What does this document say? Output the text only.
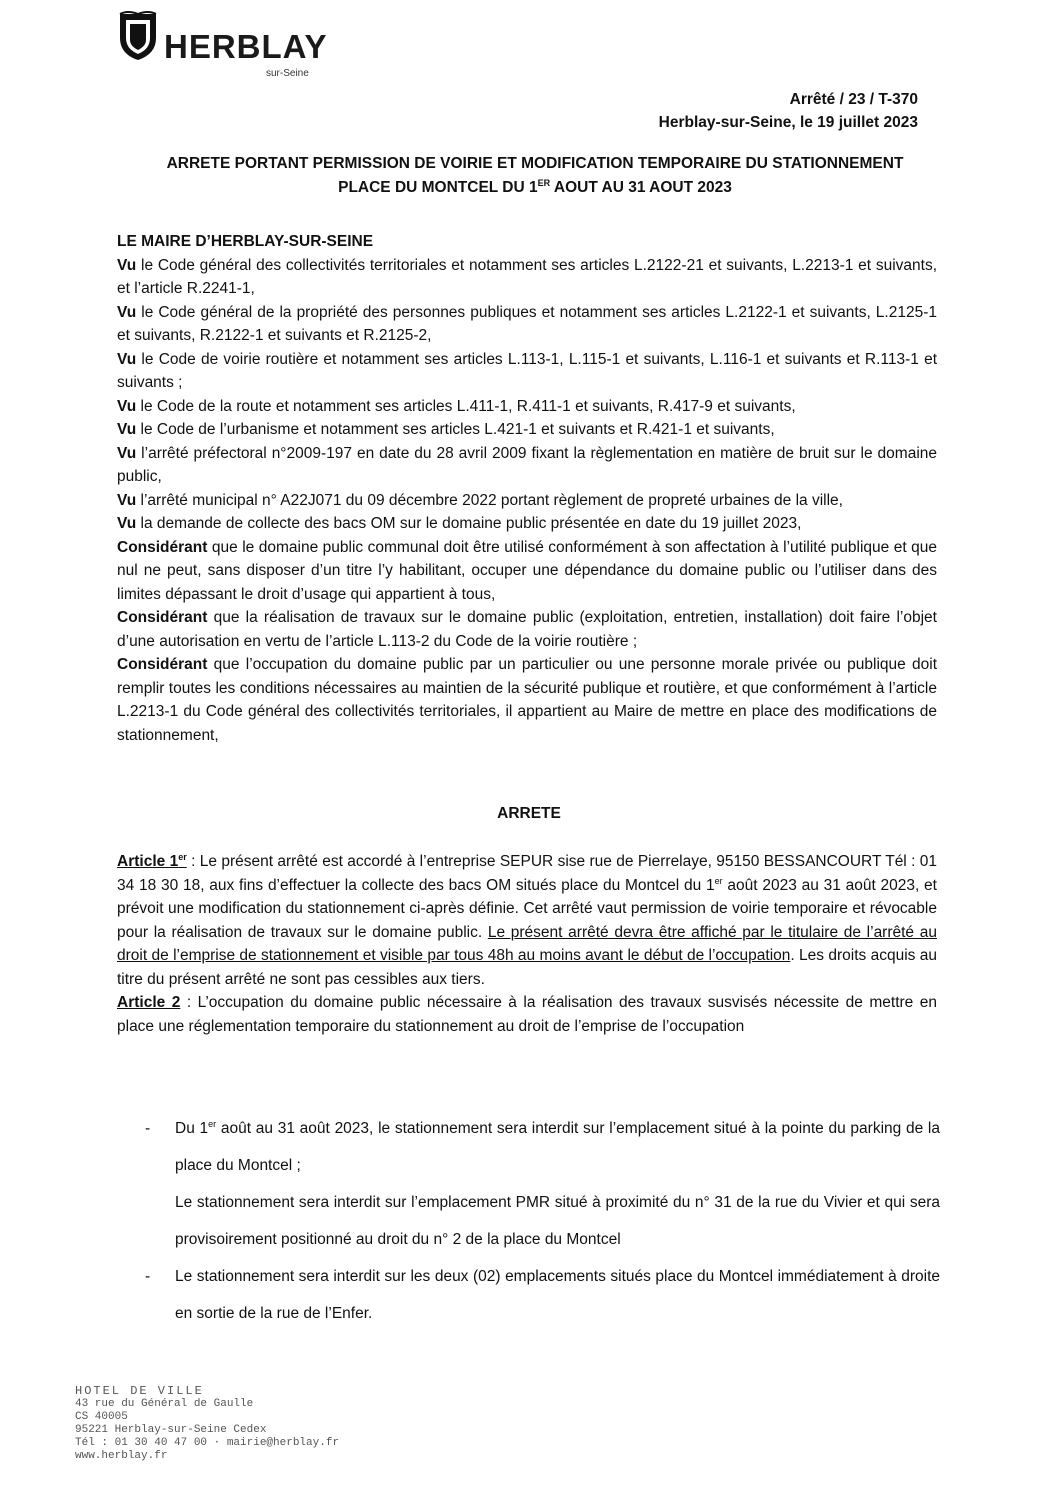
HERBLAY
sur-Seine
Arrêté / 23 / T-370
Herblay-sur-Seine, le 19 juillet 2023
ARRETE PORTANT PERMISSION DE VOIRIE ET MODIFICATION TEMPORAIRE DU STATIONNEMENT
PLACE DU MONTCEL DU 1ER AOUT AU 31 AOUT 2023

LE MAIRE D’HERBLAY-SUR-SEINE

Vu le Code général des collectivités territoriales et notamment ses articles L.2122-21 et suivants, L.2213-1 et suivants, et l’article R.2241-1,

Vu le Code général de la propriété des personnes publiques et notamment ses articles L.2122-1 et suivants, L.2125-1 et suivants, R.2122-1 et suivants et R.2125-2,

Vu le Code de voirie routière et notamment ses articles L.113-1, L.115-1 et suivants, L.116-1 et suivants et R.113-1 et suivants ;

Vu le Code de la route et notamment ses articles L.411-1, R.411-1 et suivants, R.417-9 et suivants,

Vu le Code de l’urbanisme et notamment ses articles L.421-1 et suivants et R.421-1 et suivants,

Vu l’arrêté préfectoral n°2009-197 en date du 28 avril 2009 fixant la règlementation en matière de bruit sur le domaine public,

Vu l’arrêté municipal n° A22J071 du 09 décembre 2022 portant règlement de propreté urbaines de la ville,

Vu la demande de collecte des bacs OM sur le domaine public présentée en date du 19 juillet 2023,

Considérant que le domaine public communal doit être utilisé conformément à son affectation à l’utilité publique et que nul ne peut, sans disposer d’un titre l’y habilitant, occuper une dépendance du domaine public ou l’utiliser dans des limites dépassant le droit d’usage qui appartient à tous,

Considérant que la réalisation de travaux sur le domaine public (exploitation, entretien, installation) doit faire l’objet d’une autorisation en vertu de l’article L.113-2 du Code de la voirie routière ;

Considérant que l’occupation du domaine public par un particulier ou une personne morale privée ou publique doit remplir toutes les conditions nécessaires au maintien de la sécurité publique et routière, et que conformément à l’article L.2213-1 du Code général des collectivités territoriales, il appartient au Maire de mettre en place des modifications de stationnement,

ARRETE

Article 1er : Le présent arrêté est accordé à l’entreprise SEPUR sise rue de Pierrelaye, 95150 BESSANCOURT Tél : 01 34 18 30 18, aux fins d’effectuer la collecte des bacs OM situés place du Montcel du 1er août 2023 au 31 août 2023, et prévoit une modification du stationnement ci-après définie. Cet arrêté vaut permission de voirie temporaire et révocable pour la réalisation de travaux sur le domaine public. Le présent arrêté devra être affiché par le titulaire de l’arrêté au droit de l’emprise de stationnement et visible par tous 48h au moins avant le début de l’occupation. Les droits acquis au titre du présent arrêté ne sont pas cessibles aux tiers.

Article 2 : L’occupation du domaine public nécessaire à la réalisation des travaux susvisés nécessite de mettre en place une réglementation temporaire du stationnement au droit de l’emprise de l’occupation

- Du 1er août au 31 août 2023, le stationnement sera interdit sur l’emplacement situé à la pointe du parking de la place du Montcel ;
Le stationnement sera interdit sur l’emplacement PMR situé à proximité du n° 31 de la rue du Vivier et qui sera provisoirement positionné au droit du n° 2 de la place du Montcel
- Le stationnement sera interdit sur les deux (02) emplacements situés place du Montcel immédiatement à droite en sortie de la rue de l’Enfer.
HOTEL DE VILLE
43 rue du Général de Gaulle
CS 40005
95221 Herblay-sur-Seine Cedex
Tél : 01 30 40 47 00 · mairie@herblay.fr
www.herblay.fr
